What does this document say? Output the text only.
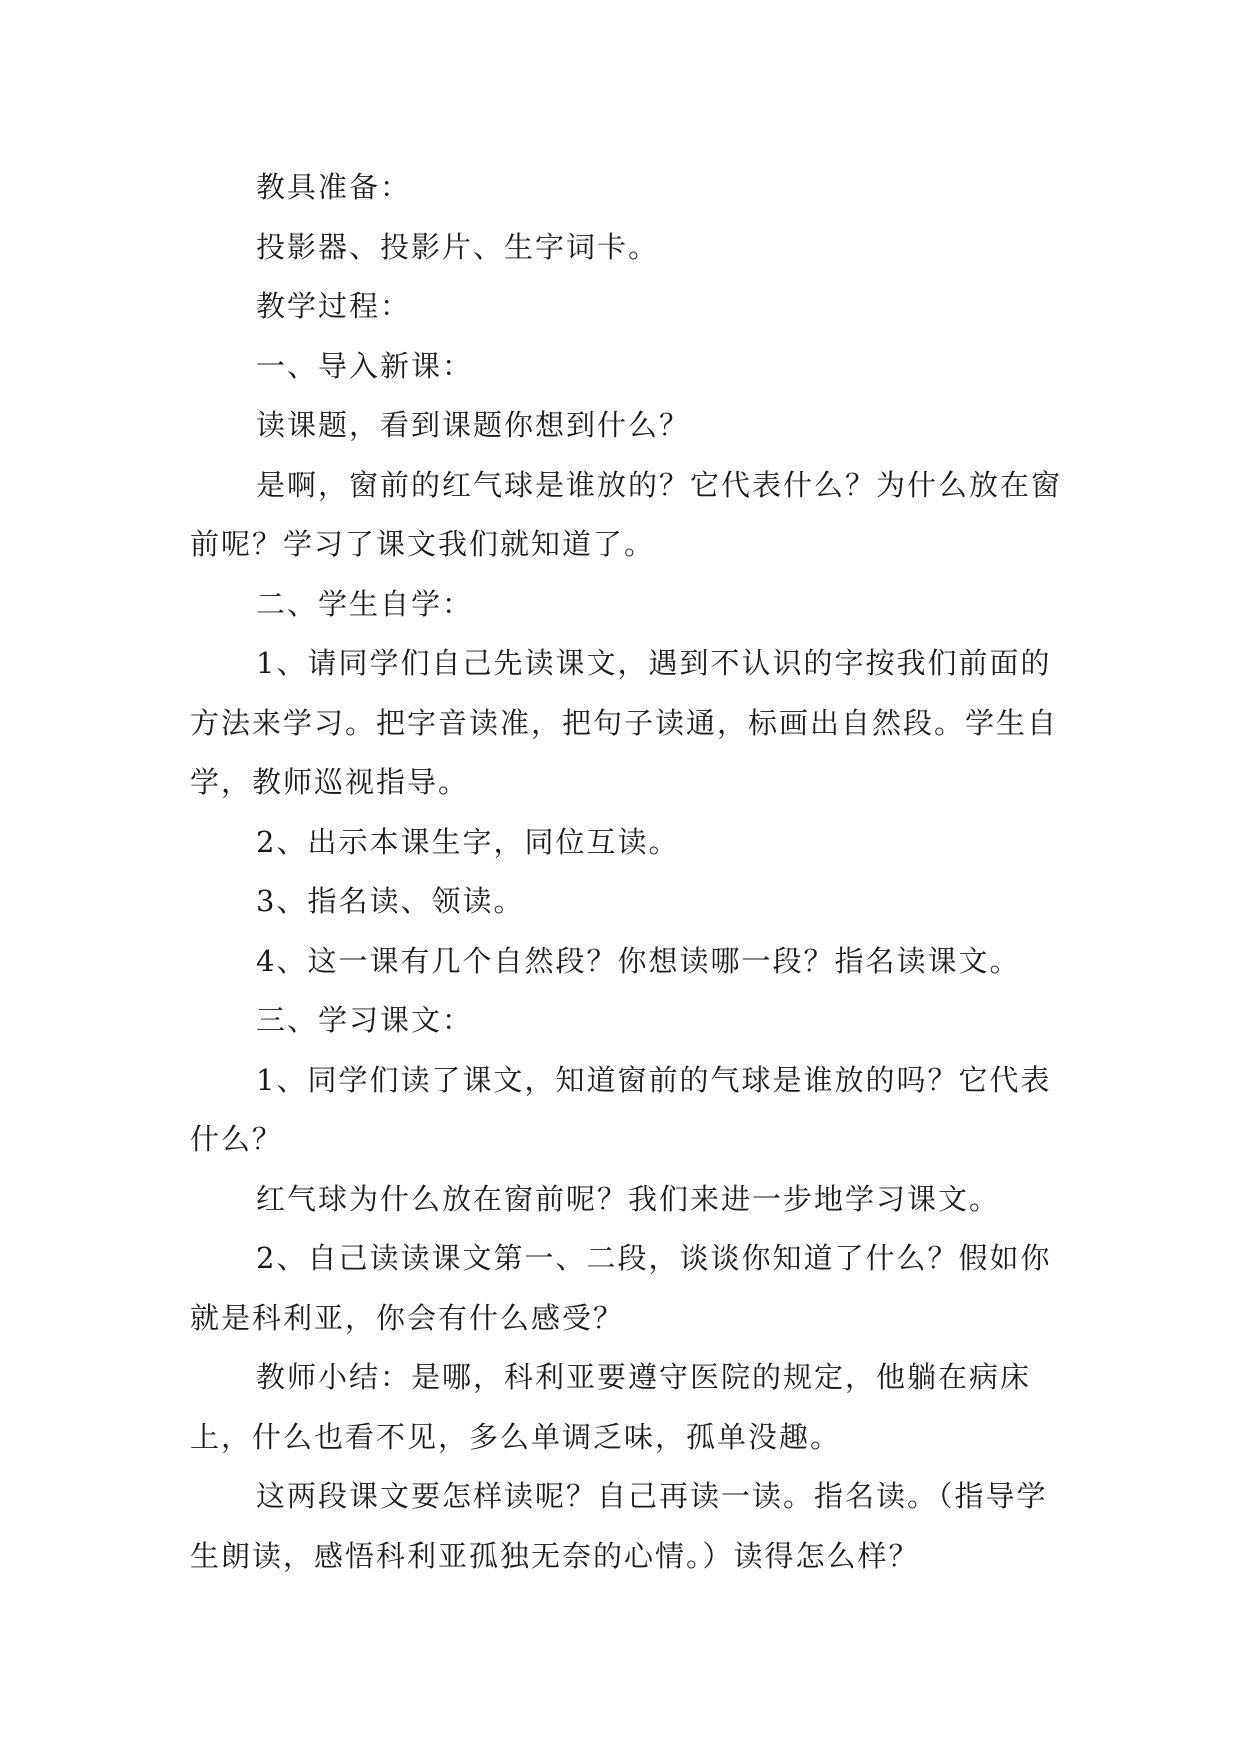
教具准备：

投影器、投影片、生字词卡。

教学过程：

一、导入新课：

读课题，看到课题你想到什么？

是啊，窗前的红气球是谁放的？它代表什么？为什么放在窗前呢？学习了课文我们就知道了。

二、学生自学：

1、请同学们自己先读课文，遇到不认识的字按我们前面的方法来学习。把字音读准，把句子读通，标画出自然段。学生自学，教师巡视指导。

2、出示本课生字，同位互读。

3、指名读、领读。

4、这一课有几个自然段？你想读哪一段？指名读课文。

三、学习课文：

1、同学们读了课文，知道窗前的气球是谁放的吗？它代表什么？

红气球为什么放在窗前呢？我们来进一步地学习课文。

2、自己读读课文第一、二段，谈谈你知道了什么？假如你就是科利亚，你会有什么感受？

教师小结：是哪，科利亚要遵守医院的规定，他躺在病床上，什么也看不见，多么单调乏味，孤单没趣。

这两段课文要怎样读呢？自己再读一读。指名读。（指导学生朗读，感悟科利亚孤独无奈的心情。）读得怎么样？
